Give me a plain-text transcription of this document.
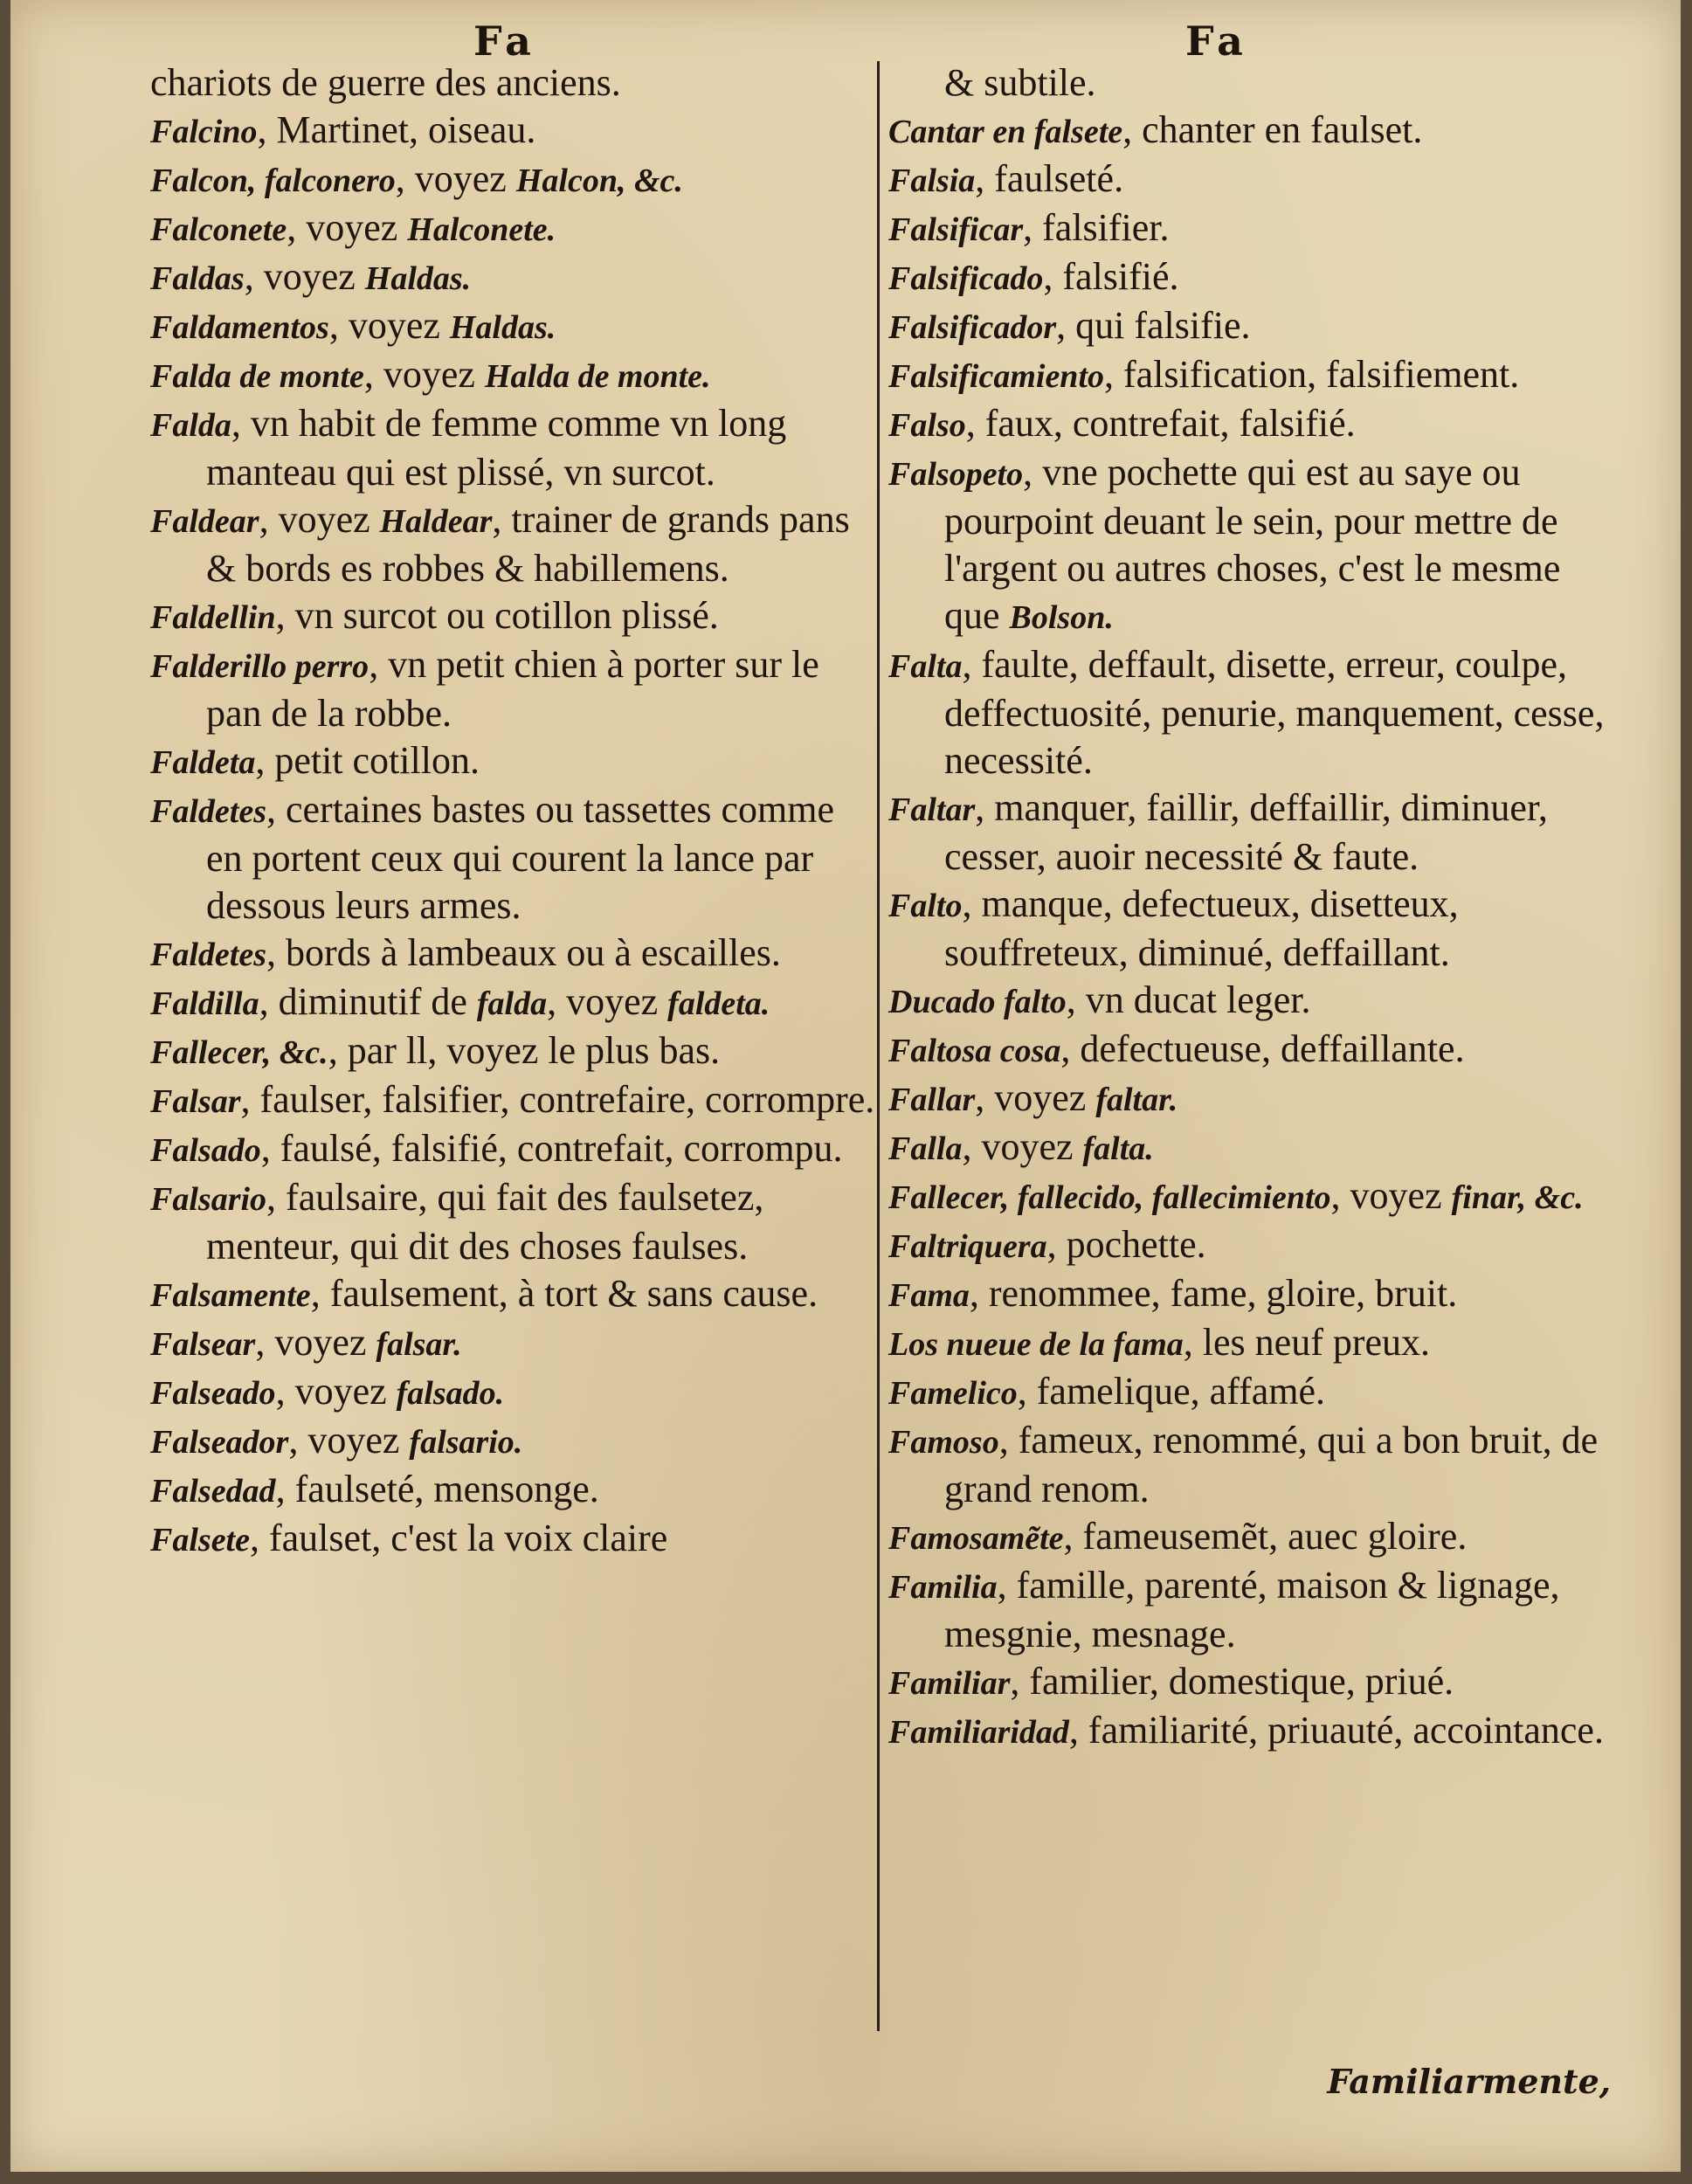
Fa	Fa
chariots de guerre des anciens.

Falcino, Martinet, oiseau.

Falcon, falconero, voyez Halcon, &c.

Falconete, voyez Halconete.

Faldas, voyez Haldas.

Faldamentos, voyez Haldas.

Falda de monte, voyez Halda de monte.

Falda, vn habit de femme comme vn long manteau qui est plissé, vn surcot.

Faldear, voyez Haldear, trainer de grands pans & bords es robbes & habillemens.

Faldellin, vn surcot ou cotillon plissé.

Falderillo perro, vn petit chien à porter sur le pan de la robbe.

Faldeta, petit cotillon.

Faldetes, certaines bastes ou tassettes comme en portent ceux qui courent la lance par dessous leurs armes.

Faldetes, bords à lambeaux ou à escailles.

Faldilla, diminutif de falda, voyez faldeta.

Fallecer, &c., par ll, voyez le plus bas.

Falsar, faulser, falsifier, contrefaire, corrompre.

Falsado, faulsé, falsifié, contrefait, corrompu.

Falsario, faulsaire, qui fait des faulsetez, menteur, qui dit des choses faulses.

Falsamente, faulsement, à tort & sans cause.

Falsear, voyez falsar.

Falseado, voyez falsado.

Falseador, voyez falsario.

Falsedad, faulseté, mensonge.

Falsete, faulset, c'est la voix claire

& subtile.

Cantar en falsete, chanter en faulset.

Falsia, faulseté.

Falsificar, falsifier.

Falsificado, falsifié.

Falsificador, qui falsifie.

Falsificamiento, falsification, falsifiement.

Falso, faux, contrefait, falsifié.

Falsopeto, vne pochette qui est au saye ou pourpoint deuant le sein, pour mettre de l'argent ou autres choses, c'est le mesme que Bolson.

Falta, faulte, deffault, disette, erreur, coulpe, deffectuosité, penurie, manquement, cesse, necessité.

Faltar, manquer, faillir, deffaillir, diminuer, cesser, auoir necessité & faute.

Falto, manque, defectueux, disetteux, souffreteux, diminué, deffaillant.

Ducado falto, vn ducat leger.

Faltosa cosa, defectueuse, deffaillante.

Fallar, voyez faltar.

Falla, voyez falta.

Fallecer, fallecido, fallecimiento, voyez finar, &c.

Faltriquera, pochette.

Fama, renommee, fame, gloire, bruit.

Los nueue de la fama, les neuf preux.

Famelico, famelique, affamé.

Famoso, fameux, renommé, qui a bon bruit, de grand renom.

Famosamẽte, fameusemẽt, auec gloire.

Familia, famille, parenté, maison & lignage, mesgnie, mesnage.

Familiar, familier, domestique, priué.

Familiaridad, familiarité, priuauté, accointance.

Familiarmente,
